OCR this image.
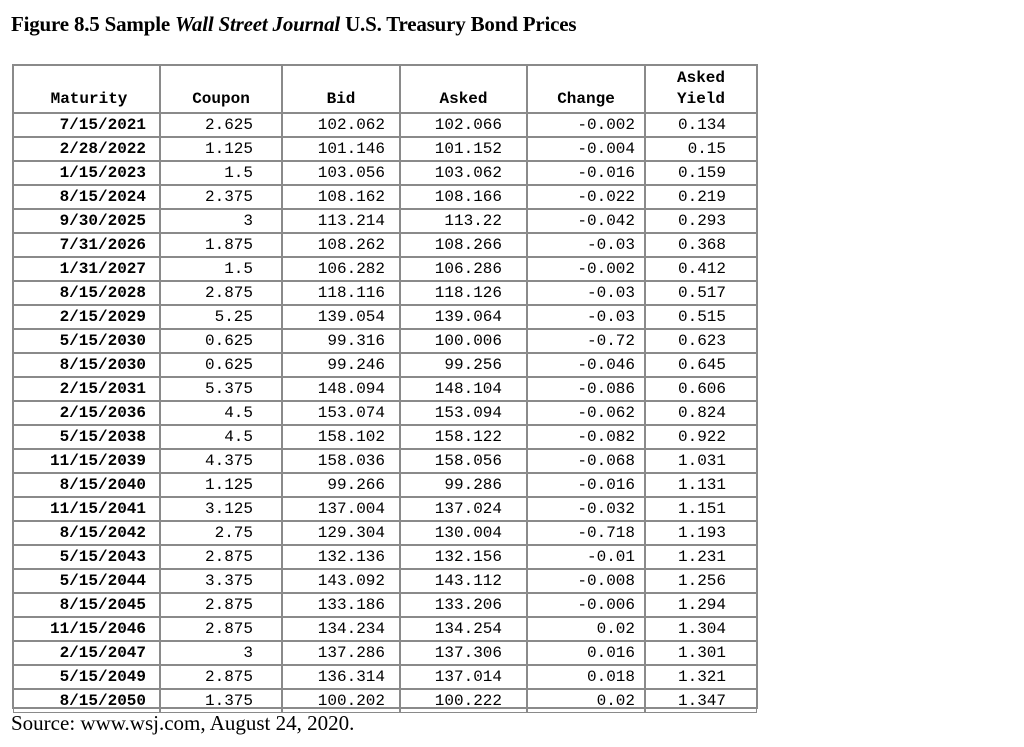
Figure 8.5 Sample Wall Street Journal U.S. Treasury Bond Prices
Maturity	Coupon	Bid	Asked	Change	Asked
Yield
7/15/2021	2.625	102.062	102.066	-0.002	0.134
2/28/2022	1.125	101.146	101.152	-0.004	0.15
1/15/2023	1.5	103.056	103.062	-0.016	0.159
8/15/2024	2.375	108.162	108.166	-0.022	0.219
9/30/2025	3	113.214	113.22	-0.042	0.293
7/31/2026	1.875	108.262	108.266	-0.03	0.368
1/31/2027	1.5	106.282	106.286	-0.002	0.412
8/15/2028	2.875	118.116	118.126	-0.03	0.517
2/15/2029	5.25	139.054	139.064	-0.03	0.515
5/15/2030	0.625	99.316	100.006	-0.72	0.623
8/15/2030	0.625	99.246	99.256	-0.046	0.645
2/15/2031	5.375	148.094	148.104	-0.086	0.606
2/15/2036	4.5	153.074	153.094	-0.062	0.824
5/15/2038	4.5	158.102	158.122	-0.082	0.922
11/15/2039	4.375	158.036	158.056	-0.068	1.031
8/15/2040	1.125	99.266	99.286	-0.016	1.131
11/15/2041	3.125	137.004	137.024	-0.032	1.151
8/15/2042	2.75	129.304	130.004	-0.718	1.193
5/15/2043	2.875	132.136	132.156	-0.01	1.231
5/15/2044	3.375	143.092	143.112	-0.008	1.256
8/15/2045	2.875	133.186	133.206	-0.006	1.294
11/15/2046	2.875	134.234	134.254	0.02	1.304
2/15/2047	3	137.286	137.306	0.016	1.301
5/15/2049	2.875	136.314	137.014	0.018	1.321
8/15/2050	1.375	100.202	100.222	0.02	1.347
Source: www.wsj.com, August 24, 2020.
